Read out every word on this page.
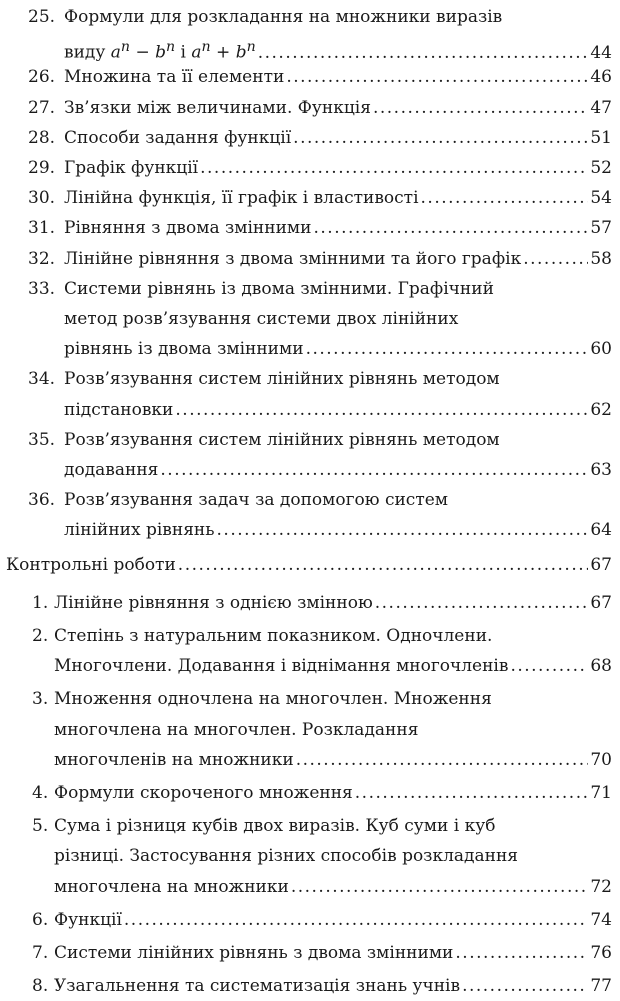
25. Формули для розкладання на множники виразів
виду $a^n - b^n$ і $a^n + b^n$ .....	44
26. Множина та її елементи .....	46
27. Зв’язки між величинами. Функція .....	47
28. Способи задання функції .....	51
29. Графік функції .....	52
30. Лінійна функція, її графік і властивості .....	54
31. Рівняння з двома змінними .....	57
32. Лінійне рівняння з двома змінними та його графік .....	58
33. Системи рівнянь із двома змінними. Графічний
метод розв’язування системи двох лінійних
рівнянь із двома змінними .....	60
34. Розв’язування систем лінійних рівнянь методом
підстановки .....	62
35. Розв’язування систем лінійних рівнянь методом
додавання .....	63
36. Розв’язування задач за допомогою систем
лінійних рівнянь .....	64
Контрольні роботи .....	67
1. Лінійне рівняння з однією змінною .....	67
2. Степінь з натуральним показником. Одночлени.
Многочлени. Додавання і віднімання многочленів .....	68
3. Множення одночлена на многочлен. Множення
многочлена на многочлен. Розкладання
многочленів на множники .....	70
4. Формули скороченого множення .....	71
5. Сума і різниця кубів двох виразів. Куб суми і куб
різниці. Застосування різних способів розкладання
многочлена на множники .....	72
6. Функції .....	74
7. Системи лінійних рівнянь з двома змінними .....	76
8. Узагальнення та систематизація знань учнів .....	77
